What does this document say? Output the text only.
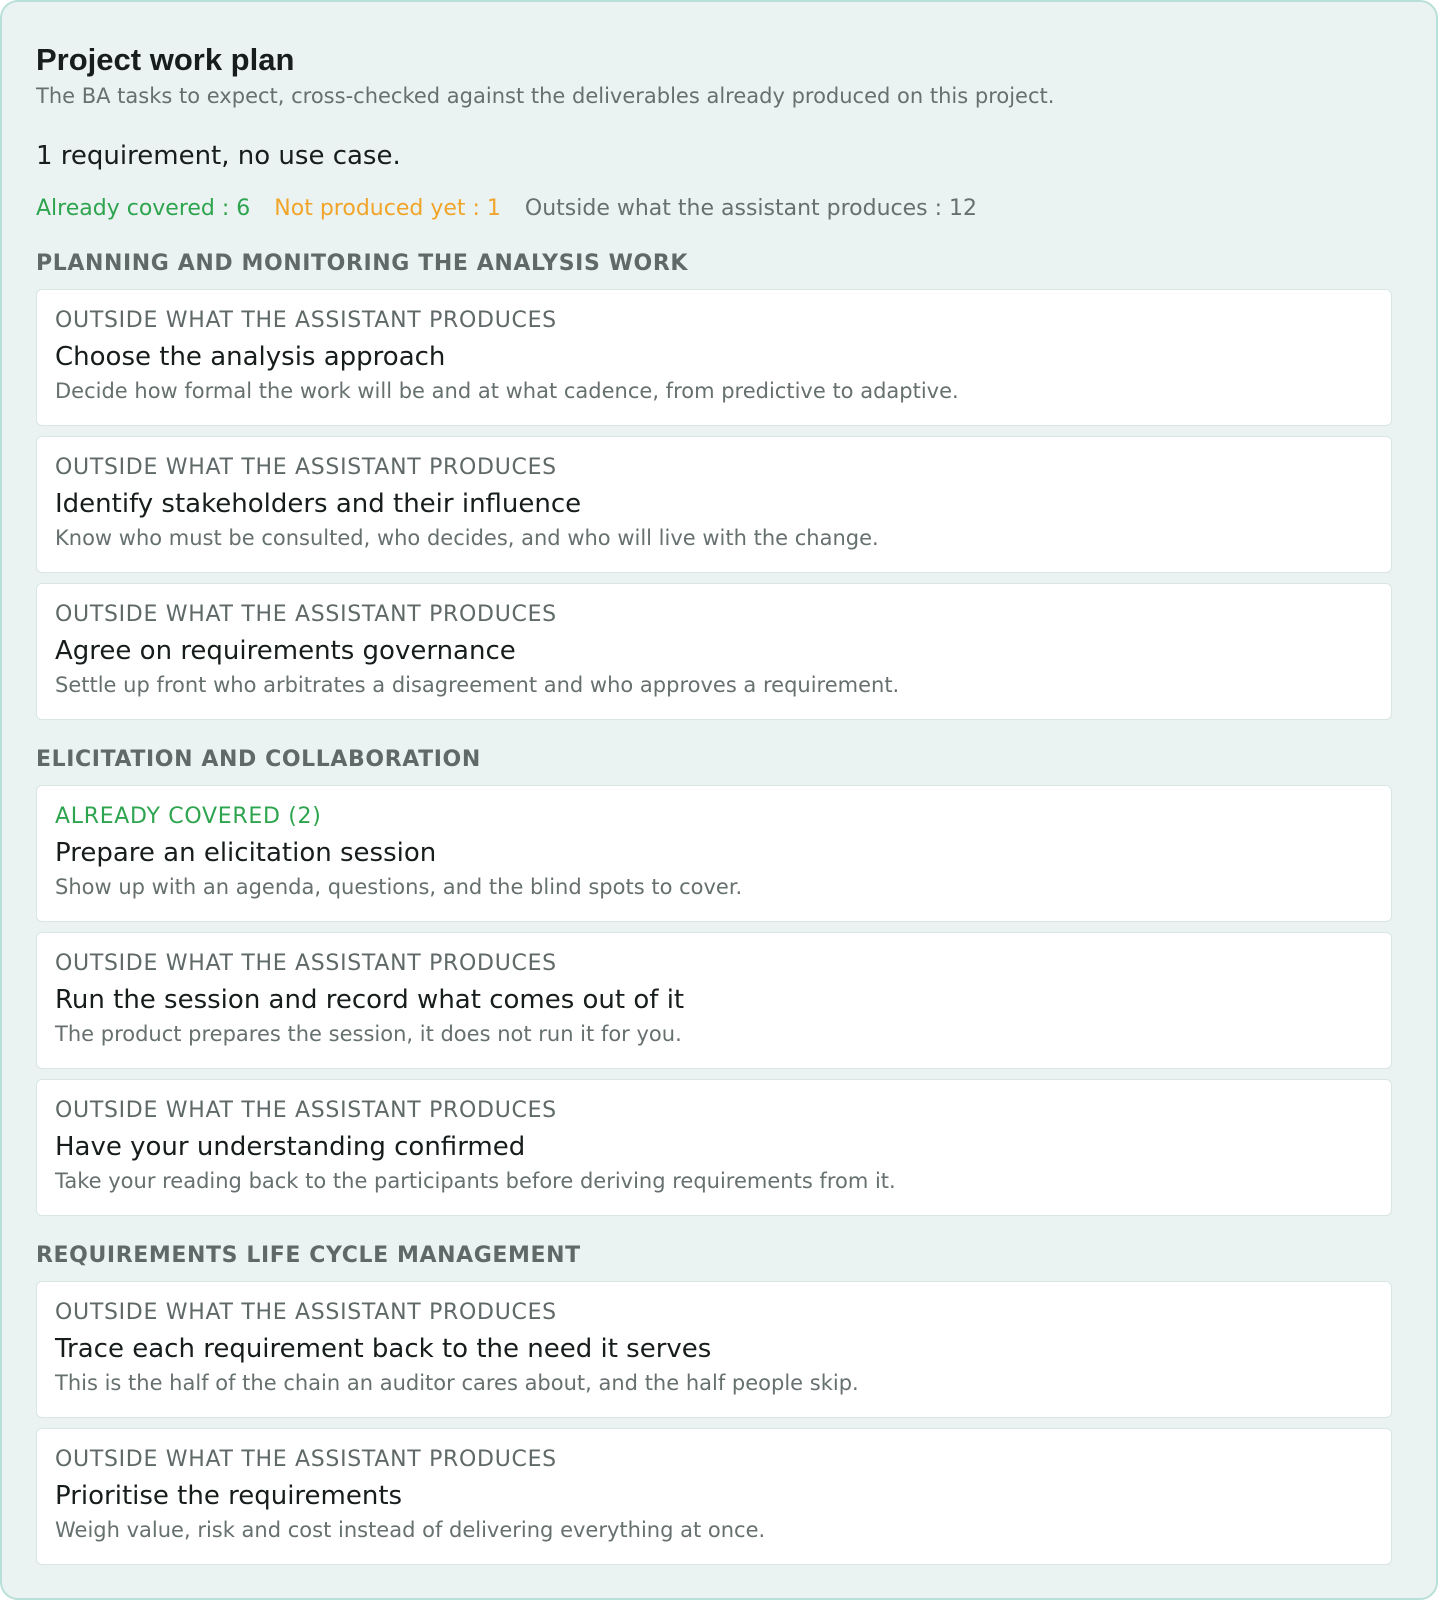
Project work plan

The BA tasks to expect, cross-checked against the deliverables already produced on this project.

1 requirement, no use case.

Already covered : 6 Not produced yet : 1 Outside what the assistant produces : 12
PLANNING AND MONITORING THE ANALYSIS WORK
OUTSIDE WHAT THE ASSISTANT PRODUCES
Choose the analysis approach
Decide how formal the work will be and at what cadence, from predictive to adaptive.
OUTSIDE WHAT THE ASSISTANT PRODUCES
Identify stakeholders and their influence
Know who must be consulted, who decides, and who will live with the change.
OUTSIDE WHAT THE ASSISTANT PRODUCES
Agree on requirements governance
Settle up front who arbitrates a disagreement and who approves a requirement.
ELICITATION AND COLLABORATION
ALREADY COVERED (2)
Prepare an elicitation session
Show up with an agenda, questions, and the blind spots to cover.
OUTSIDE WHAT THE ASSISTANT PRODUCES
Run the session and record what comes out of it
The product prepares the session, it does not run it for you.
OUTSIDE WHAT THE ASSISTANT PRODUCES
Have your understanding confirmed
Take your reading back to the participants before deriving requirements from it.
REQUIREMENTS LIFE CYCLE MANAGEMENT
OUTSIDE WHAT THE ASSISTANT PRODUCES
Trace each requirement back to the need it serves
This is the half of the chain an auditor cares about, and the half people skip.
OUTSIDE WHAT THE ASSISTANT PRODUCES
Prioritise the requirements
Weigh value, risk and cost instead of delivering everything at once.
